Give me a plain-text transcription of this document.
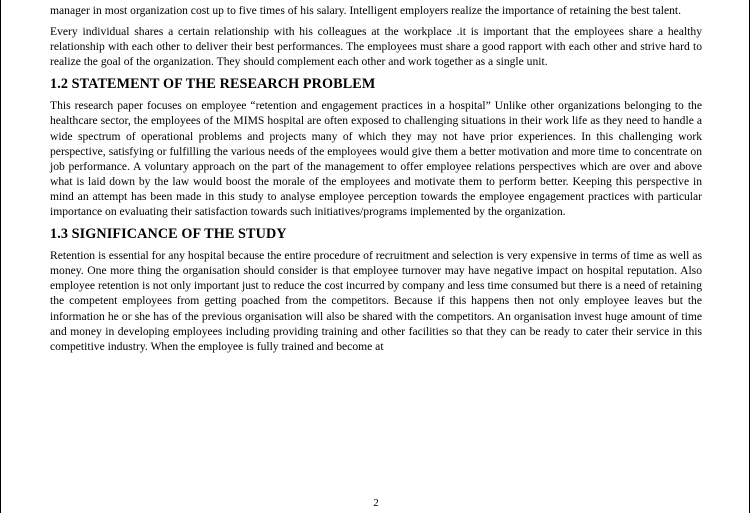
manager in most organization cost up to five times of his salary. Intelligent employers realize the importance of retaining the best talent.

Every individual shares a certain relationship with his colleagues at the workplace .it is important that the employees share a healthy relationship with each other to deliver their best performances. The employees must share a good rapport with each other and strive hard to realize the goal of the organization. They should complement each other and work together as a single unit.

1.2 STATEMENT OF THE RESEARCH PROBLEM

This research paper focuses on employee “retention and engagement practices in a hospital” Unlike other organizations belonging to the healthcare sector, the employees of the MIMS hospital are often exposed to challenging situations in their work life as they need to handle a wide spectrum of operational problems and projects many of which they may not have prior experiences. In this challenging work perspective, satisfying or fulfilling the various needs of the employees would give them a better motivation and more time to concentrate on job performance. A voluntary approach on the part of the management to offer employee relations perspectives which are over and above what is laid down by the law would boost the morale of the employees and motivate them to perform better. Keeping this perspective in mind an attempt has been made in this study to analyse employee perception towards the employee engagement practices with particular importance on evaluating their satisfaction towards such initiatives/programs implemented by the organization.

1.3 SIGNIFICANCE OF THE STUDY

Retention is essential for any hospital because the entire procedure of recruitment and selection is very expensive in terms of time as well as money. One more thing the organisation should consider is that employee turnover may have negative impact on hospital reputation. Also employee retention is not only important just to reduce the cost incurred by company and less time consumed but there is a need of retaining the competent employees from getting poached from the competitors. Because if this happens then not only employee leaves but the information he or she has of the previous organisation will also be shared with the competitors. An organisation invest huge amount of time and money in developing employees including providing training and other facilities so that they can be ready to cater their service in this competitive industry. When the employee is fully trained and become at

2
